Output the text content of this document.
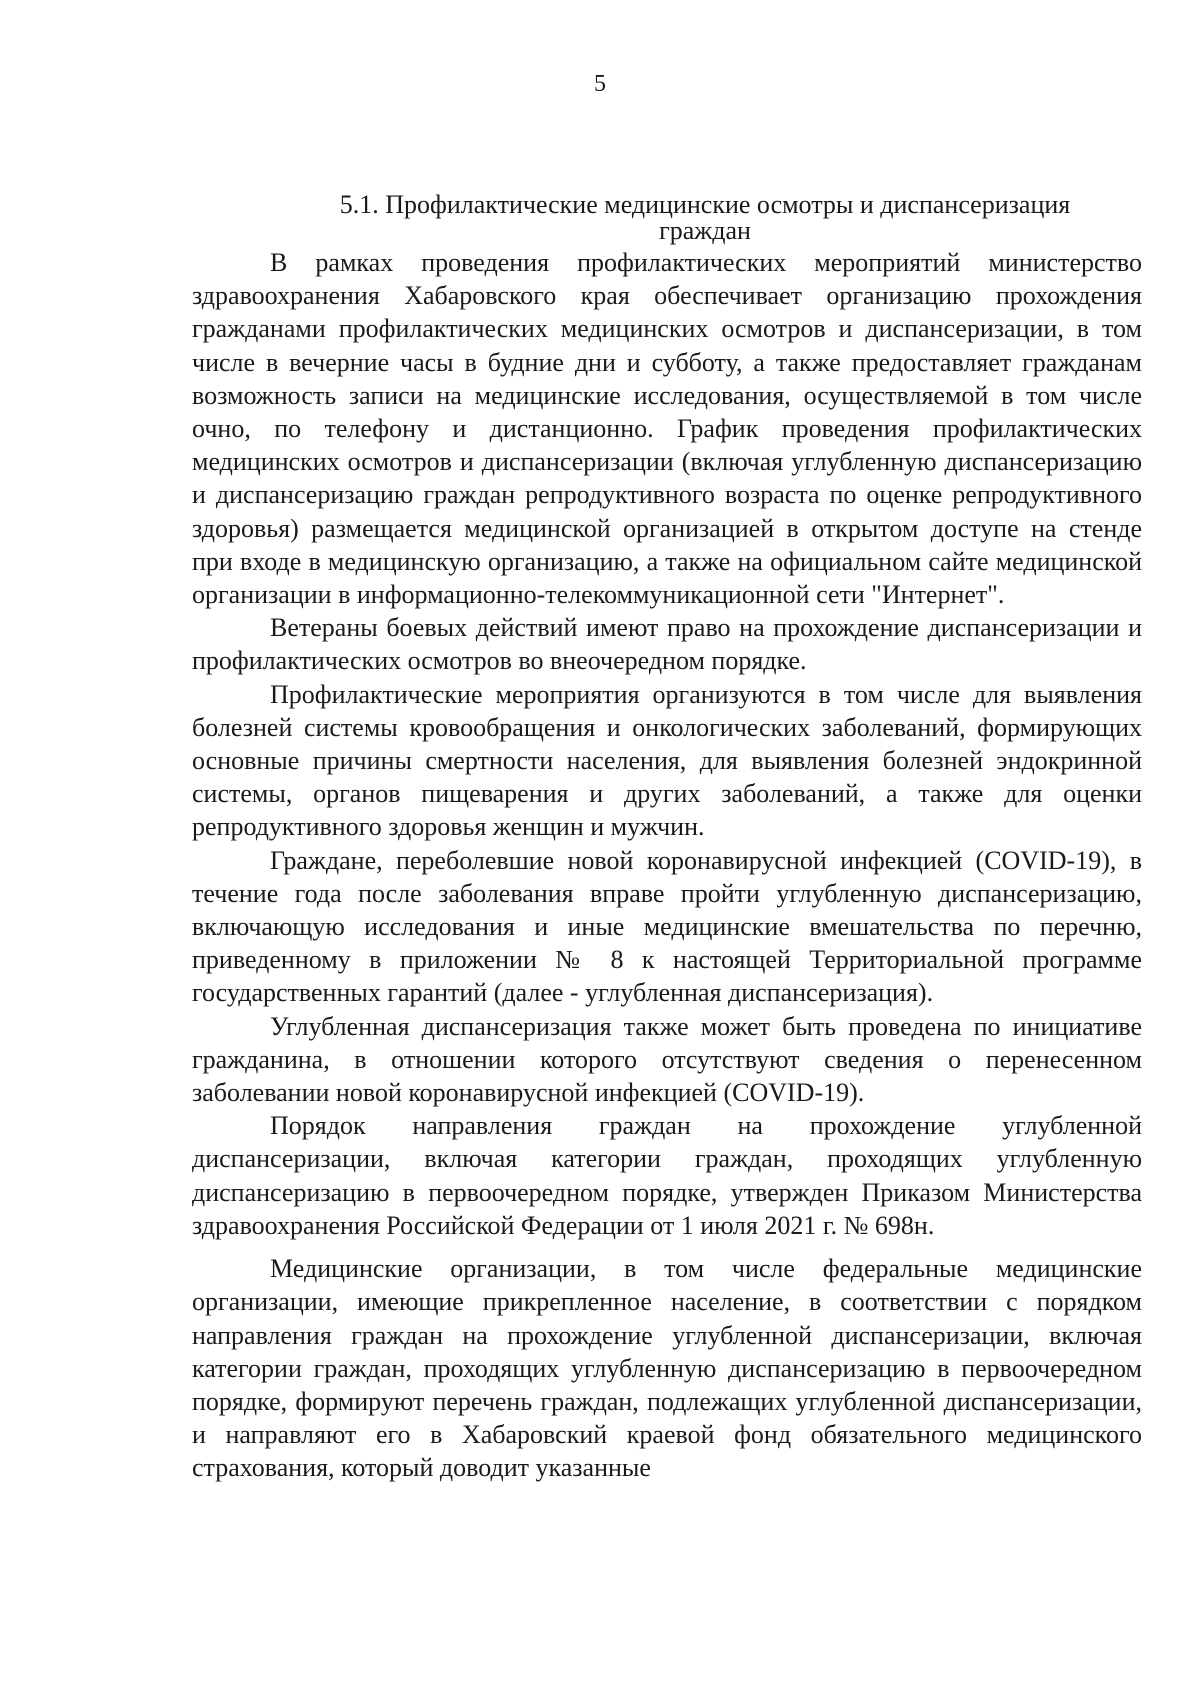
5
5.1. Профилактические медицинские осмотры и диспансеризация
граждан

В рамках проведения профилактических мероприятий министерство здравоохранения Хабаровского края обеспечивает организацию прохождения гражданами профилактических медицинских осмотров и диспансеризации, в том числе в вечерние часы в будние дни и субботу, а также предоставляет гражданам возможность записи на медицинские исследования, осуществляемой в том числе очно, по телефону и дистанционно. График проведения профилактических медицинских осмотров и диспансеризации (включая углубленную диспансеризацию и диспансеризацию граждан репродуктивного возраста по оценке репродуктивного здоровья) размещается медицинской организацией в открытом доступе на стенде при входе в медицинскую организацию, а также на официальном сайте медицинской организации в информационно-телекоммуникационной сети "Интернет".

Ветераны боевых действий имеют право на прохождение диспансеризации и профилактических осмотров во внеочередном порядке.

Профилактические мероприятия организуются в том числе для выявления болезней системы кровообращения и онкологических заболеваний, формирующих основные причины смертности населения, для выявления болезней эндокринной системы, органов пищеварения и других заболеваний, а также для оценки репродуктивного здоровья женщин и мужчин.

Граждане, переболевшие новой коронавирусной инфекцией (COVID-19), в течение года после заболевания вправе пройти углубленную диспансеризацию, включающую исследования и иные медицинские вмешательства по перечню, приведенному в приложении № 8 к настоящей Территориальной программе государственных гарантий (далее - углубленная диспансеризация).

Углубленная диспансеризация также может быть проведена по инициативе гражданина, в отношении которого отсутствуют сведения о перенесенном заболевании новой коронавирусной инфекцией (COVID-19).

Порядок направления граждан на прохождение углубленной диспансеризации, включая категории граждан, проходящих углубленную диспансеризацию в первоочередном порядке, утвержден Приказом Министерства здравоохранения Российской Федерации от 1 июля 2021 г. № 698н.

Медицинские организации, в том числе федеральные медицинские организации, имеющие прикрепленное население, в соответствии с порядком направления граждан на прохождение углубленной диспансеризации, включая категории граждан, проходящих углубленную диспансеризацию в первоочередном порядке, формируют перечень граждан, подлежащих углубленной диспансеризации, и направляют его в Хабаровский краевой фонд обязательного медицинского страхования, который доводит указанные
